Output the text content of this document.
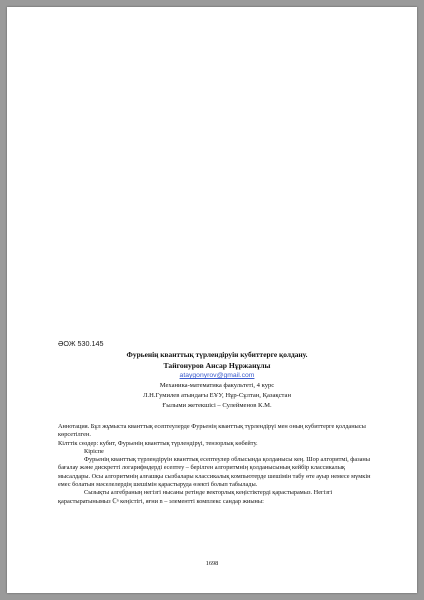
ӘОЖ 530.145
Фурьенің кванттық түрлендіруін кубиттерге қолдану.
Тайгонуров Ансар Нұржанұлы
ataygonyrov@gmail.com
Механика-математика факультеті, 4 курс
Л.Н.Гумилев атындағы ЕҰУ, Нұр-Сұлтан, Қазақстан
Ғылыми жетекшісі – Сулейменов К.М.

Аннотация. Бұл жұмыста кванттық есептеулерде Фурьенің кванттық түрлендірүі мен оның кубиттерге қолданысы көрсетілген.

Кілттік сөздер: кубит, Фурьенің кванттық түрлендірүі, тензорлық көбейту.

Кіріспе

Фурьенің кванттық түрлендірүін кванттық есептеулер облысында қолданысы кең. Шор алгоритмі, фазаны бағалау және дискретті логарифмдерді есептеу – берілген алгоритмнің қолданысының кейбір классикалық мысалдары. Осы алгоритмнің алғашқы сызбалары классикалық компьютерде шешімін табу өте ауыр немесе мүмкін емес болатын мәселелердің шешімін қарастыруда өзекті болып табылады.

Сызықты алгебраның негізгі нысаны ретінде векторлық кеңістіктерді қарастырамыз. Негізгі қарастыратынымыз ℂⁿ кеңістігі, яғни n – элементті комплекс сандар жиыны:

1698
